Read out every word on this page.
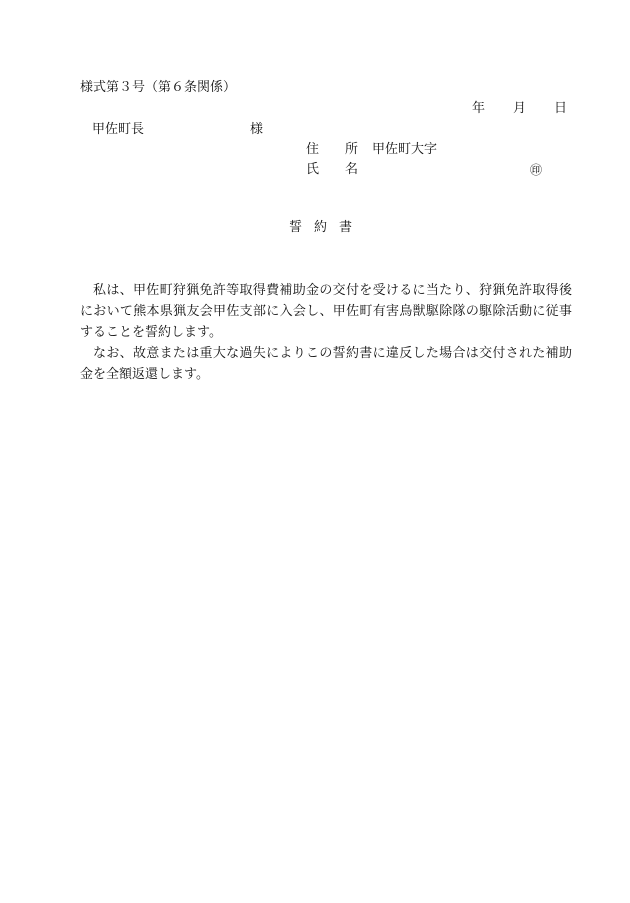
様式第３号（第６条関係）
年 月 日
甲佐町長	様
住 所 甲佐町大字
氏 名	㊞
誓約書

私は、甲佐町狩猟免許等取得費補助金の交付を受けるに当たり、狩猟免許取得後において熊本県猟友会甲佐支部に入会し、甲佐町有害鳥獣駆除隊の駆除活動に従事することを誓約します。

なお、故意または重大な過失によりこの誓約書に違反した場合は交付された補助金を全額返還します。
